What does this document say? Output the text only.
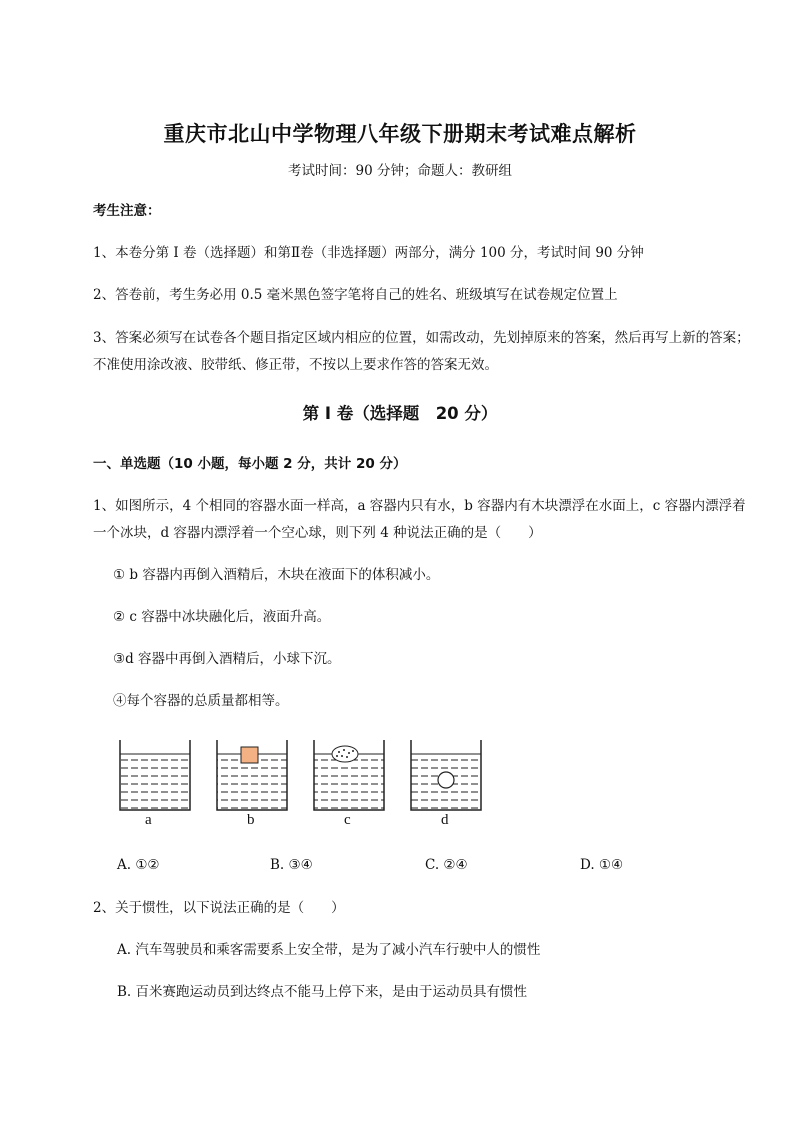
重庆市北山中学物理八年级下册期末考试难点解析
考试时间：90 分钟；命题人：教研组
考生注意：
1、本卷分第 I 卷（选择题）和第Ⅱ卷（非选择题）两部分，满分 100 分，考试时间 90 分钟
2、答卷前，考生务必用 0.5 毫米黑色签字笔将自己的姓名、班级填写在试卷规定位置上
3、答案必须写在试卷各个题目指定区域内相应的位置，如需改动，先划掉原来的答案，然后再写上新的答案；不准使用涂改液、胶带纸、修正带，不按以上要求作答的答案无效。
第 I 卷（选择题　20 分）
一、单选题（10 小题，每小题 2 分，共计 20 分）
1、如图所示，4 个相同的容器水面一样高，a 容器内只有水，b 容器内有木块漂浮在水面上，c 容器内漂浮着一个冰块，d 容器内漂浮着一个空心球，则下列 4 种说法正确的是（　　）
① b 容器内再倒入酒精后，木块在液面下的体积减小。
② c 容器中冰块融化后，液面升高。
③d 容器中再倒入酒精后，小球下沉。
④每个容器的总质量都相等。
a	b	c	d
A. ①②	B. ③④	C. ②④	D. ①④
2、关于惯性，以下说法正确的是（　　）
A. 汽车驾驶员和乘客需要系上安全带，是为了减小汽车行驶中人的惯性
B. 百米赛跑运动员到达终点不能马上停下来，是由于运动员具有惯性
